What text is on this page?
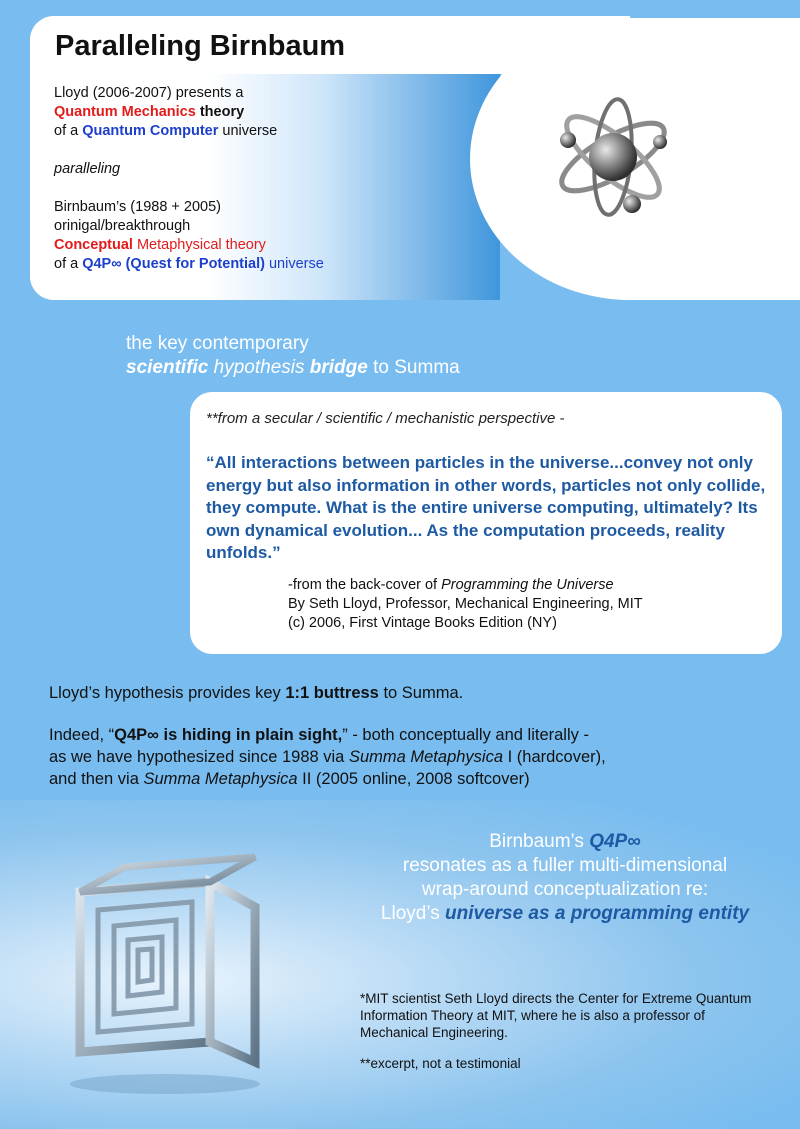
Paralleling Birnbaum

Lloyd (2006-2007) presents a

Quantum Mechanics theory

of a Quantum Computer universe

paralleling

Birnbaum’s (1988 + 2005)

orinigal/breakthrough

Conceptual Metaphysical theory

of a Q4P∞ (Quest for Potential) universe

the key contemporary
scientific hypothesis bridge to Summa
**from a secular / scientific / mechanistic perspective -
“All interactions between particles in the universe...convey not only energy but also information in other words, particles not only collide, they compute. What is the entire universe computing, ultimately? Its own dynamical evolution... As the computation proceeds, reality unfolds.”
-from the back-cover of Programming the Universe
By Seth Lloyd, Professor, Mechanical Engineering, MIT
(c) 2006, First Vintage Books Edition (NY)

Lloyd’s hypothesis provides key 1:1 buttress to Summa.

Indeed, “Q4P∞ is hiding in plain sight,” - both conceptually and literally -
as we have hypothesized since 1988 via Summa Metaphysica I (hardcover),
and then via Summa Metaphysica II (2005 online, 2008 softcover)

Birnbaum’s Q4P∞
resonates as a fuller multi-dimensional
wrap-around conceptualization re:
Lloyd’s universe as a programming entity

*MIT scientist Seth Lloyd directs the Center for Extreme Quantum Information Theory at MIT, where he is also a professor of Mechanical Engineering.

**excerpt, not a testimonial
